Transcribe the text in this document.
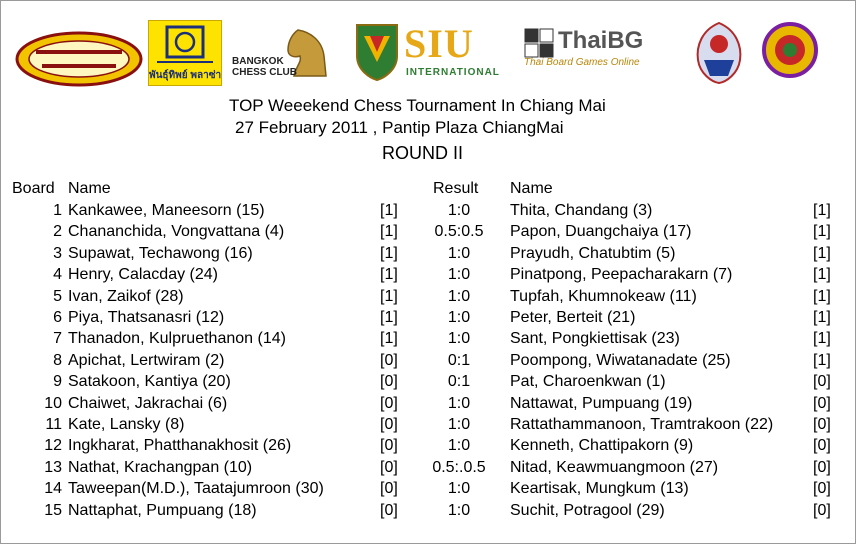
พันธุ์ทิพย์ พลาซ่า
BANGKOK
CHESS CLUB
SIU
INTERNATIONAL
ThaiBG
Thai Board Games Online
TOP Weeekend Chess Tournament In Chiang Mai
27 February 2011 , Pantip Plaza ChiangMai
ROUND II
Board Name	Result Name
1 Kankawee, Maneesorn (15)	[1]	1:0	Thita, Chandang (3)	[1]
2 Chananchida, Vongvattana (4)	[1]	0.5:0.5	Papon, Duangchaiya (17)	[1]
3 Supawat, Techawong (16)	[1]	1:0	Prayudh, Chatubtim (5)	[1]
4 Henry, Calacday (24)	[1]	1:0	Pinatpong, Peepacharakarn (7)	[1]
5 Ivan, Zaikof (28)	[1]	1:0	Tupfah, Khumnokeaw (11)	[1]
6 Piya, Thatsanasri (12)	[1]	1:0	Peter, Berteit (21)	[1]
7 Thanadon, Kulpruethanon (14)	[1]	1:0	Sant, Pongkiettisak (23)	[1]
8 Apichat, Lertwiram (2)	[0]	0:1	Poompong, Wiwatanadate (25)	[1]
9 Satakoon, Kantiya (20)	[0]	0:1	Pat, Charoenkwan (1)	[0]
10 Chaiwet, Jakrachai (6)	[0]	1:0	Nattawat, Pumpuang (19)	[0]
11 Kate, Lansky (8)	[0]	1:0	Rattathammanoon, Tramtrakoon (22) [0]
12 Ingkharat, Phatthanakhosit (26)	[0]	1:0	Kenneth, Chattipakorn (9)	[0]
13 Nathat, Krachangpan (10)	[0]	0.5:.0.5	Nitad, Keawmuangmoon (27)	[0]
14 Taweepan(M.D.), Taatajumroon (30)	[0]	1:0	Keartisak, Mungkum (13)	[0]
15 Nattaphat, Pumpuang (18)	[0]	1:0	Suchit, Potragool (29)	[0]
